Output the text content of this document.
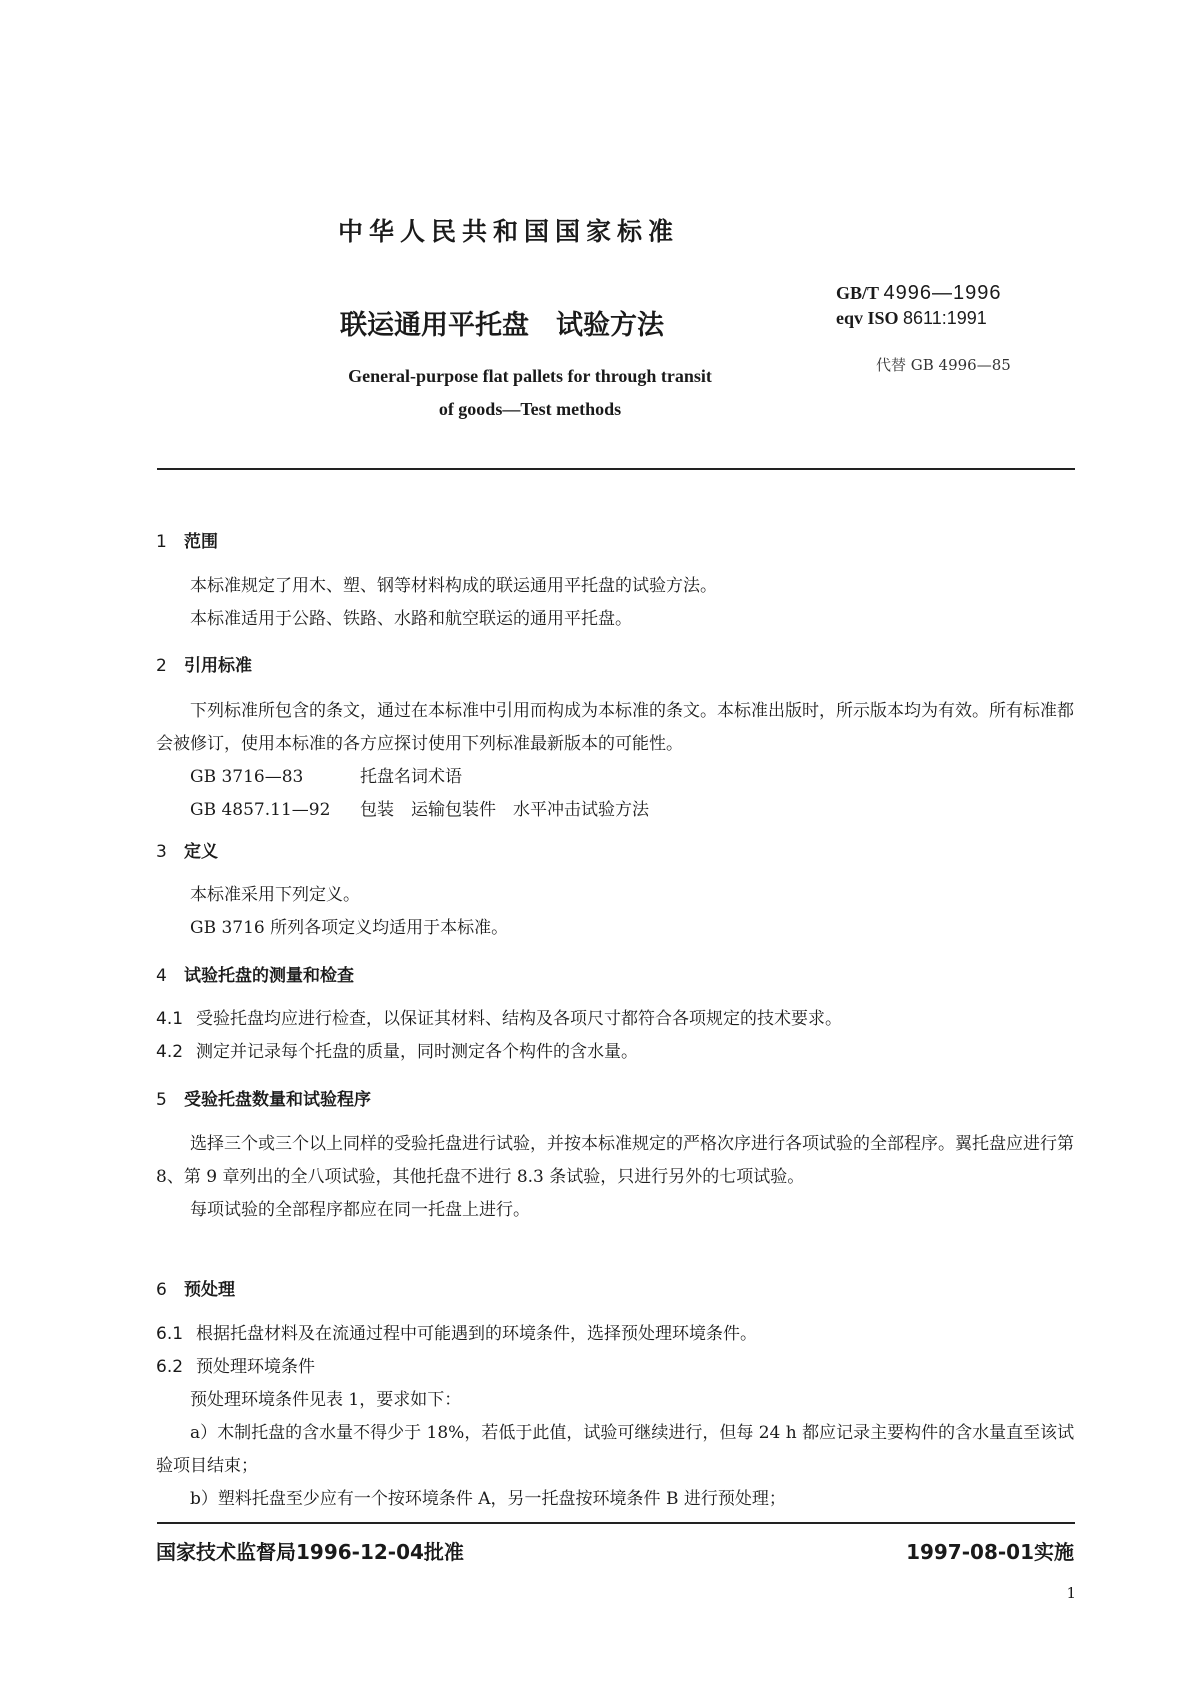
中华人民共和国国家标准
联运通用平托盘　试验方法
General-purpose flat pallets for through transit
of goods—Test methods
GB/T 4996—1996
eqv ISO 8611:1991
代替 GB 4996—85
1 范围
本标准规定了用木、塑、钢等材料构成的联运通用平托盘的试验方法。
本标准适用于公路、铁路、水路和航空联运的通用平托盘。
2 引用标准
下列标准所包含的条文，通过在本标准中引用而构成为本标准的条文。本标准出版时，所示版本均为有效。所有标准都会被修订，使用本标准的各方应探讨使用下列标准最新版本的可能性。
GB 3716—83	托盘名词术语
GB 4857.11—92 包装　运输包装件　水平冲击试验方法
3 定义
本标准采用下列定义。
GB 3716 所列各项定义均适用于本标准。
4 试验托盘的测量和检查
4.1 受验托盘均应进行检查，以保证其材料、结构及各项尺寸都符合各项规定的技术要求。
4.2 测定并记录每个托盘的质量，同时测定各个构件的含水量。
5 受验托盘数量和试验程序
选择三个或三个以上同样的受验托盘进行试验，并按本标准规定的严格次序进行各项试验的全部程序。翼托盘应进行第 8、第 9 章列出的全八项试验，其他托盘不进行 8.3 条试验，只进行另外的七项试验。
每项试验的全部程序都应在同一托盘上进行。
6 预处理
6.1 根据托盘材料及在流通过程中可能遇到的环境条件，选择预处理环境条件。
6.2 预处理环境条件
预处理环境条件见表 1，要求如下：
a）木制托盘的含水量不得少于 18%，若低于此值，试验可继续进行，但每 24 h 都应记录主要构件的含水量直至该试验项目结束；
b）塑料托盘至少应有一个按环境条件 A，另一托盘按环境条件 B 进行预处理；
国家技术监督局1996-12-04批准	1997-08-01实施
1
